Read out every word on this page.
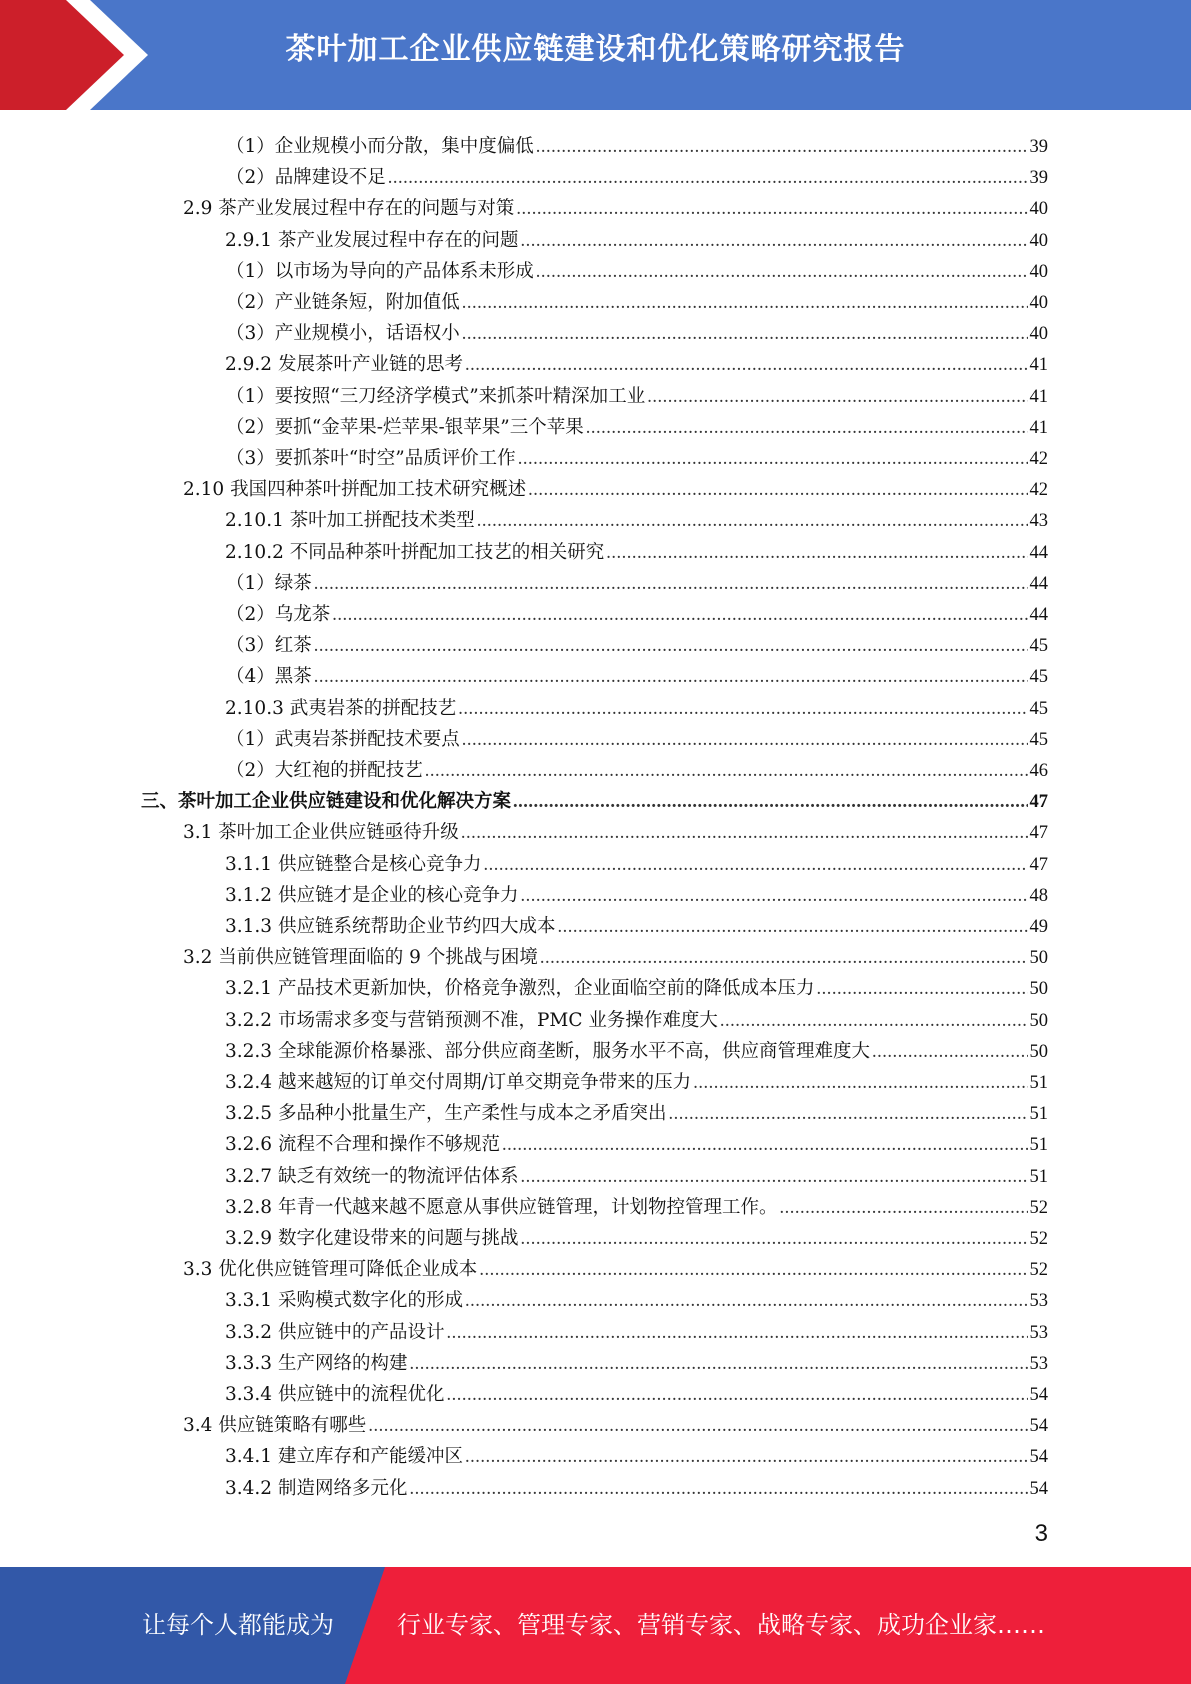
茶叶加工企业供应链建设和优化策略研究报告
（1）企业规模小而分散，集中度偏低 .....	39
（2）品牌建设不足 .....	39
2.9 茶产业发展过程中存在的问题与对策 .....	40
2.9.1 茶产业发展过程中存在的问题 .....	40
（1）以市场为导向的产品体系未形成 .....	40
（2）产业链条短，附加值低 .....	40
（3）产业规模小，话语权小 .....	40
2.9.2 发展茶叶产业链的思考 .....	41
（1）要按照“三刀经济学模式”来抓茶叶精深加工业 .....	41
（2）要抓“金苹果-烂苹果-银苹果”三个苹果 .....	41
（3）要抓茶叶“时空”品质评价工作 .....	42
2.10 我国四种茶叶拼配加工技术研究概述 .....	42
2.10.1 茶叶加工拼配技术类型 .....	43
2.10.2 不同品种茶叶拼配加工技艺的相关研究 .....	44
（1）绿茶 .....	44
（2）乌龙茶 .....	44
（3）红茶 .....	45
（4）黑茶 .....	45
2.10.3 武夷岩茶的拼配技艺 .....	45
（1）武夷岩茶拼配技术要点 .....	45
（2）大红袍的拼配技艺 .....	46
三、茶叶加工企业供应链建设和优化解决方案 .....	47
3.1 茶叶加工企业供应链亟待升级 .....	47
3.1.1 供应链整合是核心竞争力 .....	47
3.1.2 供应链才是企业的核心竞争力 .....	48
3.1.3 供应链系统帮助企业节约四大成本 .....	49
3.2 当前供应链管理面临的 9 个挑战与困境 .....	50
3.2.1 产品技术更新加快，价格竞争激烈，企业面临空前的降低成本压力 .....	50
3.2.2 市场需求多变与营销预测不准，PMC 业务操作难度大 .....	50
3.2.3 全球能源价格暴涨、部分供应商垄断，服务水平不高，供应商管理难度大 .....	50
3.2.4 越来越短的订单交付周期/订单交期竞争带来的压力 .....	51
3.2.5 多品种小批量生产，生产柔性与成本之矛盾突出 .....	51
3.2.6 流程不合理和操作不够规范 .....	51
3.2.7 缺乏有效统一的物流评估体系 .....	51
3.2.8 年青一代越来越不愿意从事供应链管理，计划物控管理工作。 .....	52
3.2.9 数字化建设带来的问题与挑战 .....	52
3.3 优化供应链管理可降低企业成本 .....	52
3.3.1 采购模式数字化的形成 .....	53
3.3.2 供应链中的产品设计 .....	53
3.3.3 生产网络的构建 .....	53
3.3.4 供应链中的流程优化 .....	54
3.4 供应链策略有哪些 .....	54
3.4.1 建立库存和产能缓冲区 .....	54
3.4.2 制造网络多元化 .....	54
3
让每个人都能成为	行业专家、管理专家、营销专家、战略专家、成功企业家……
